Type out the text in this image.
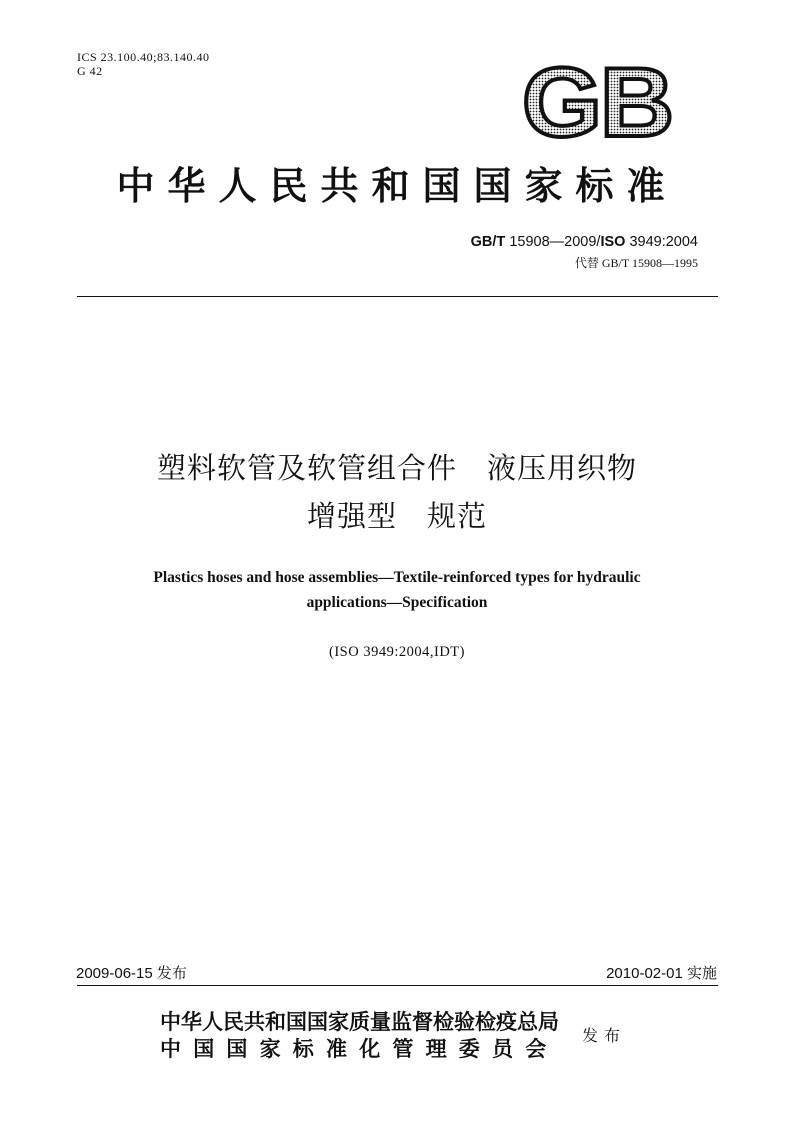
ICS 23.100.40;83.140.40
G 42	GB
中华人民共和国国家标准
GB/T 15908—2009/ISO 3949:2004
代替 GB/T 15908—1995
塑料软管及软管组合件　液压用织物
增强型　规范
Plastics hoses and hose assemblies—Textile-reinforced types for hydraulic
applications—Specification
(ISO 3949:2004,IDT)
2009-06-15 发布	2010-02-01 实施
中华人民共和国国家质量监督检验检疫总局
中国国家标准化管理委员会
发布
